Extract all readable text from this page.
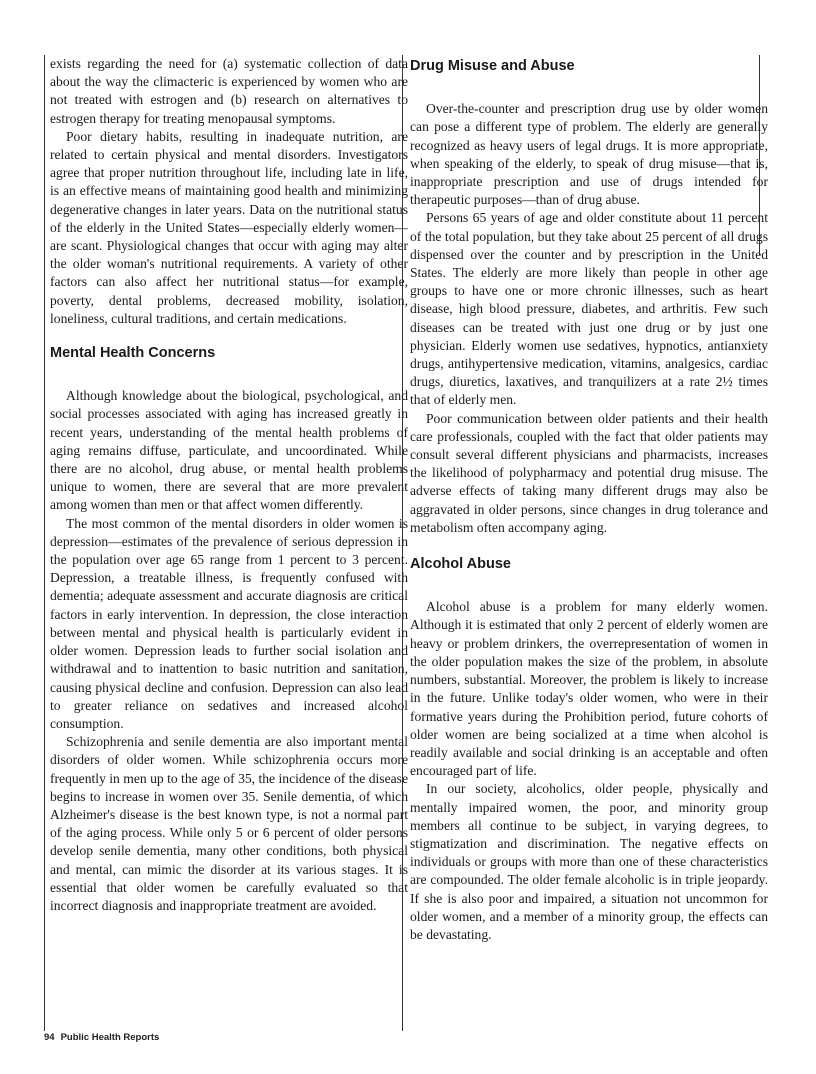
exists regarding the need for (a) systematic collection of data about the way the climacteric is experienced by women who are not treated with estrogen and (b) research on alternatives to estrogen therapy for treating menopausal symptoms.

Poor dietary habits, resulting in inadequate nutrition, are related to certain physical and mental disorders. Investigators agree that proper nutrition throughout life, including late in life, is an effective means of maintaining good health and minimizing degenerative changes in later years. Data on the nutritional status of the elderly in the United States—especially elderly women—are scant. Physiological changes that occur with aging may alter the older woman's nutritional requirements. A variety of other factors can also affect her nutritional status—for example, poverty, dental problems, decreased mobility, isolation, loneliness, cultural traditions, and certain medications.

Mental Health Concerns

Although knowledge about the biological, psychological, and social processes associated with aging has increased greatly in recent years, understanding of the mental health problems of aging remains diffuse, particulate, and uncoordinated. While there are no alcohol, drug abuse, or mental health problems unique to women, there are several that are more prevalent among women than men or that affect women differently.

The most common of the mental disorders in older women is depression—estimates of the prevalence of serious depression in the population over age 65 range from 1 percent to 3 percent. Depression, a treatable illness, is frequently confused with dementia; adequate assessment and accurate diagnosis are critical factors in early intervention. In depression, the close interaction between mental and physical health is particularly evident in older women. Depression leads to further social isolation and withdrawal and to inattention to basic nutrition and sanitation, causing physical decline and confusion. Depression can also lead to greater reliance on sedatives and increased alcohol consumption.

Schizophrenia and senile dementia are also important mental disorders of older women. While schizophrenia occurs more frequently in men up to the age of 35, the incidence of the disease begins to increase in women over 35. Senile dementia, of which Alzheimer's disease is the best known type, is not a normal part of the aging process. While only 5 or 6 percent of older persons develop senile dementia, many other conditions, both physical and mental, can mimic the disorder at its various stages. It is essential that older women be carefully evaluated so that incorrect diagnosis and inappropriate treatment are avoided.

Drug Misuse and Abuse

Over-the-counter and prescription drug use by older women can pose a different type of problem. The elderly are generally recognized as heavy users of legal drugs. It is more appropriate, when speaking of the elderly, to speak of drug misuse—that is, inappropriate prescription and use of drugs intended for therapeutic purposes—than of drug abuse.

Persons 65 years of age and older constitute about 11 percent of the total population, but they take about 25 percent of all drugs dispensed over the counter and by prescription in the United States. The elderly are more likely than people in other age groups to have one or more chronic illnesses, such as heart disease, high blood pressure, diabetes, and arthritis. Few such diseases can be treated with just one drug or by just one physician. Elderly women use sedatives, hypnotics, antianxiety drugs, antihypertensive medication, vitamins, analgesics, cardiac drugs, diuretics, laxatives, and tranquilizers at a rate 2½ times that of elderly men.

Poor communication between older patients and their health care professionals, coupled with the fact that older patients may consult several different physicians and pharmacists, increases the likelihood of polypharmacy and potential drug misuse. The adverse effects of taking many different drugs may also be aggravated in older persons, since changes in drug tolerance and metabolism often accompany aging.

Alcohol Abuse

Alcohol abuse is a problem for many elderly women. Although it is estimated that only 2 percent of elderly women are heavy or problem drinkers, the overrepresentation of women in the older population makes the size of the problem, in absolute numbers, substantial. Moreover, the problem is likely to increase in the future. Unlike today's older women, who were in their formative years during the Prohibition period, future cohorts of older women are being socialized at a time when alcohol is readily available and social drinking is an acceptable and often encouraged part of life.

In our society, alcoholics, older people, physically and mentally impaired women, the poor, and minority group members all continue to be subject, in varying degrees, to stigmatization and discrimination. The negative effects on individuals or groups with more than one of these characteristics are compounded. The older female alcoholic is in triple jeopardy. If she is also poor and impaired, a situation not uncommon for older women, and a member of a minority group, the effects can be devastating.

94 Public Health Reports
